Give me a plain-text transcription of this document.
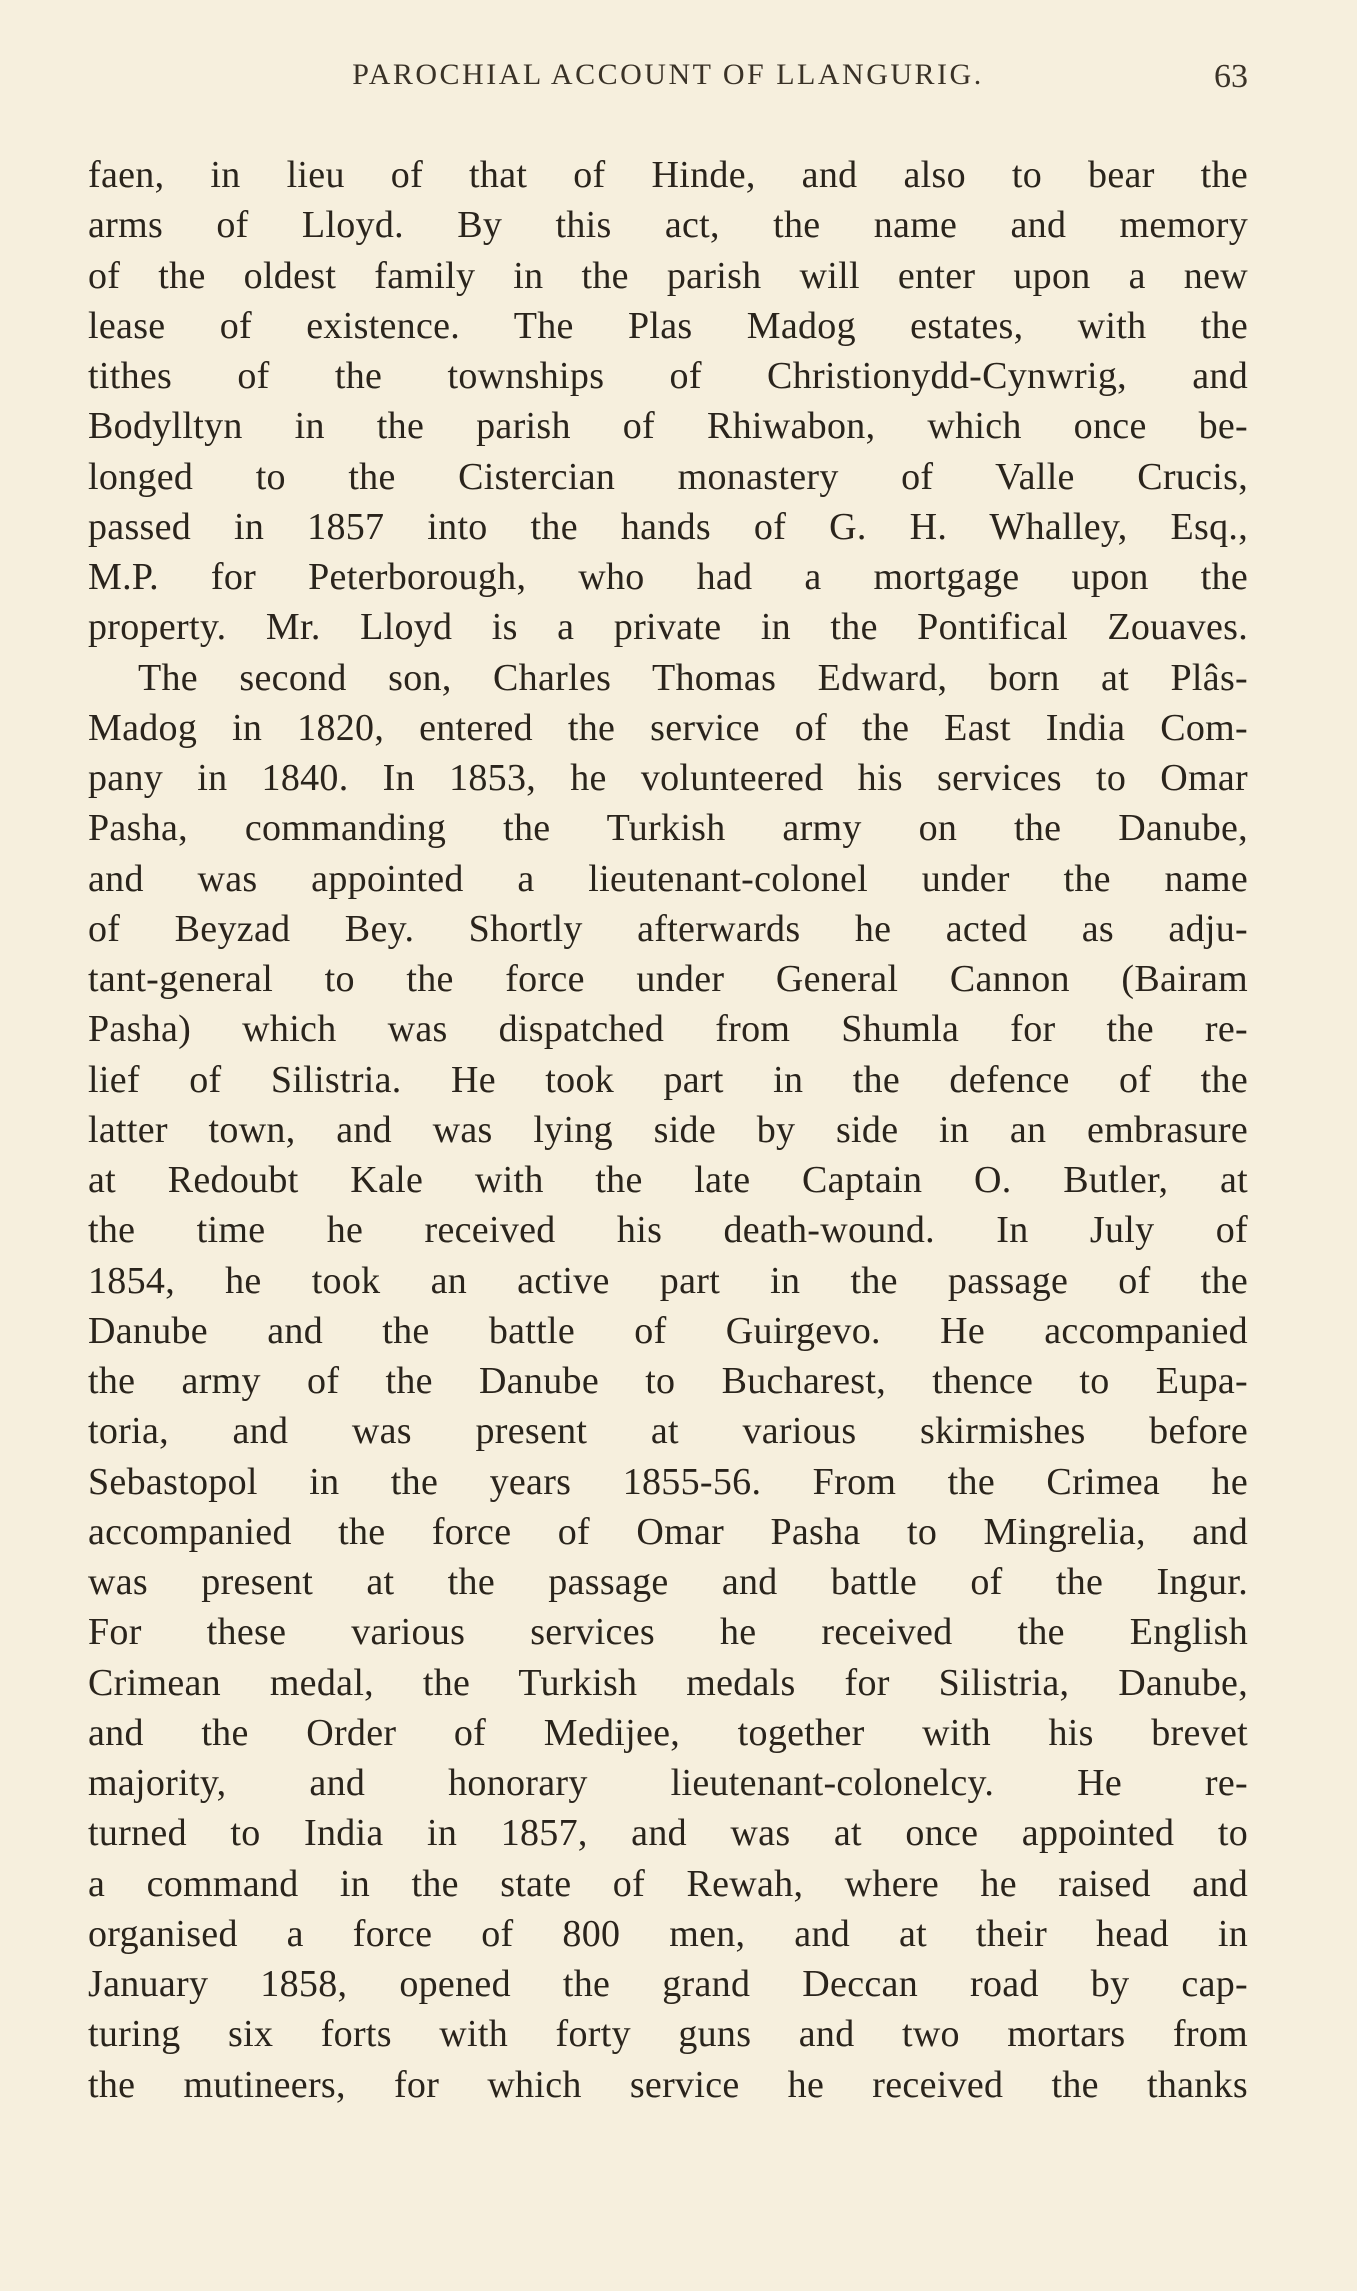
PAROCHIAL ACCOUNT OF LLANGURIG.	63
faen, in lieu of that of Hinde, and also to bear the
arms of Lloyd. By this act, the name and memory
of the oldest family in the parish will enter upon a new
lease of existence. The Plas Madog estates, with the
tithes of the townships of Christionydd-Cynwrig, and
Bodylltyn in the parish of Rhiwabon, which once be-
longed to the Cistercian monastery of Valle Crucis,
passed in 1857 into the hands of G. H. Whalley, Esq.,
M.P. for Peterborough, who had a mortgage upon the
property. Mr. Lloyd is a private in the Pontifical Zouaves.
The second son, Charles Thomas Edward, born at Plâs-
Madog in 1820, entered the service of the East India Com-
pany in 1840. In 1853, he volunteered his services to Omar
Pasha, commanding the Turkish army on the Danube,
and was appointed a lieutenant-colonel under the name
of Beyzad Bey. Shortly afterwards he acted as adju-
tant-general to the force under General Cannon (Bairam
Pasha) which was dispatched from Shumla for the re-
lief of Silistria. He took part in the defence of the
latter town, and was lying side by side in an embrasure
at Redoubt Kale with the late Captain O. Butler, at
the time he received his death-wound. In July of
1854, he took an active part in the passage of the
Danube and the battle of Guirgevo. He accompanied
the army of the Danube to Bucharest, thence to Eupa-
toria, and was present at various skirmishes before
Sebastopol in the years 1855-56. From the Crimea he
accompanied the force of Omar Pasha to Mingrelia, and
was present at the passage and battle of the Ingur.
For these various services he received the English
Crimean medal, the Turkish medals for Silistria, Danube,
and the Order of Medijee, together with his brevet
majority, and honorary lieutenant-colonelcy. He re-
turned to India in 1857, and was at once appointed to
a command in the state of Rewah, where he raised and
organised a force of 800 men, and at their head in
January 1858, opened the grand Deccan road by cap-
turing six forts with forty guns and two mortars from
the mutineers, for which service he received the thanks
